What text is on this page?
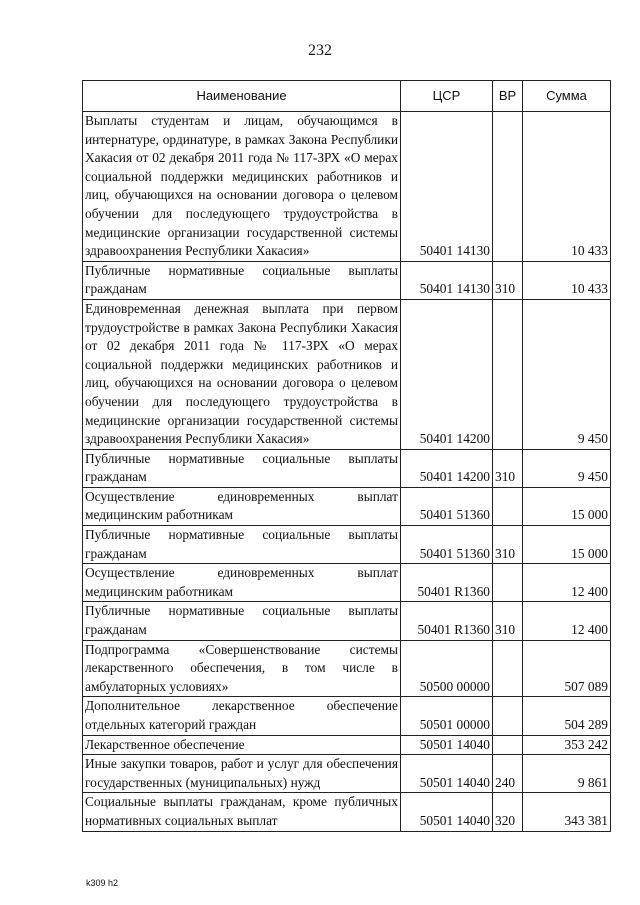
232
Наименование	ЦСР	ВР	Сумма
Выплаты студентам и лицам, обучающимся в интернатуре, ординатуре, в рамках Закона Республики Хакасия от 02 декабря 2011 года № 117-ЗРХ «О мерах социальной поддержки медицинских работников и лиц, обучающихся на основании договора о целевом обучении для последующего трудоустройства в медицинские организации государственной системы здравоохранения Республики Хакасия»	50401 14130		10 433
Публичные нормативные социальные выплаты гражданам	50401 14130	310	10 433
Единовременная денежная выплата при первом трудоустройстве в рамках Закона Республики Хакасия от 02 декабря 2011 года № 117-ЗРХ «О мерах социальной поддержки медицинских работников и лиц, обучающихся на основании договора о целевом обучении для последующего трудоустройства в медицинские организации государственной системы здравоохранения Республики Хакасия»	50401 14200		9 450
Публичные нормативные социальные выплаты гражданам	50401 14200	310	9 450
Осуществление единовременных выплат медицинским работникам	50401 51360		15 000
Публичные нормативные социальные выплаты гражданам	50401 51360	310	15 000
Осуществление единовременных выплат медицинским работникам	50401 R1360		12 400
Публичные нормативные социальные выплаты гражданам	50401 R1360	310	12 400
Подпрограмма «Совершенствование системы лекарственного обеспечения, в том числе в амбулаторных условиях»	50500 00000		507 089
Дополнительное лекарственное обеспечение отдельных категорий граждан	50501 00000		504 289
Лекарственное обеспечение	50501 14040		353 242
Иные закупки товаров, работ и услуг для обеспечения государственных (муниципальных) нужд	50501 14040	240	9 861
Социальные выплаты гражданам, кроме публичных нормативных социальных выплат	50501 14040	320	343 381
k309 h2
